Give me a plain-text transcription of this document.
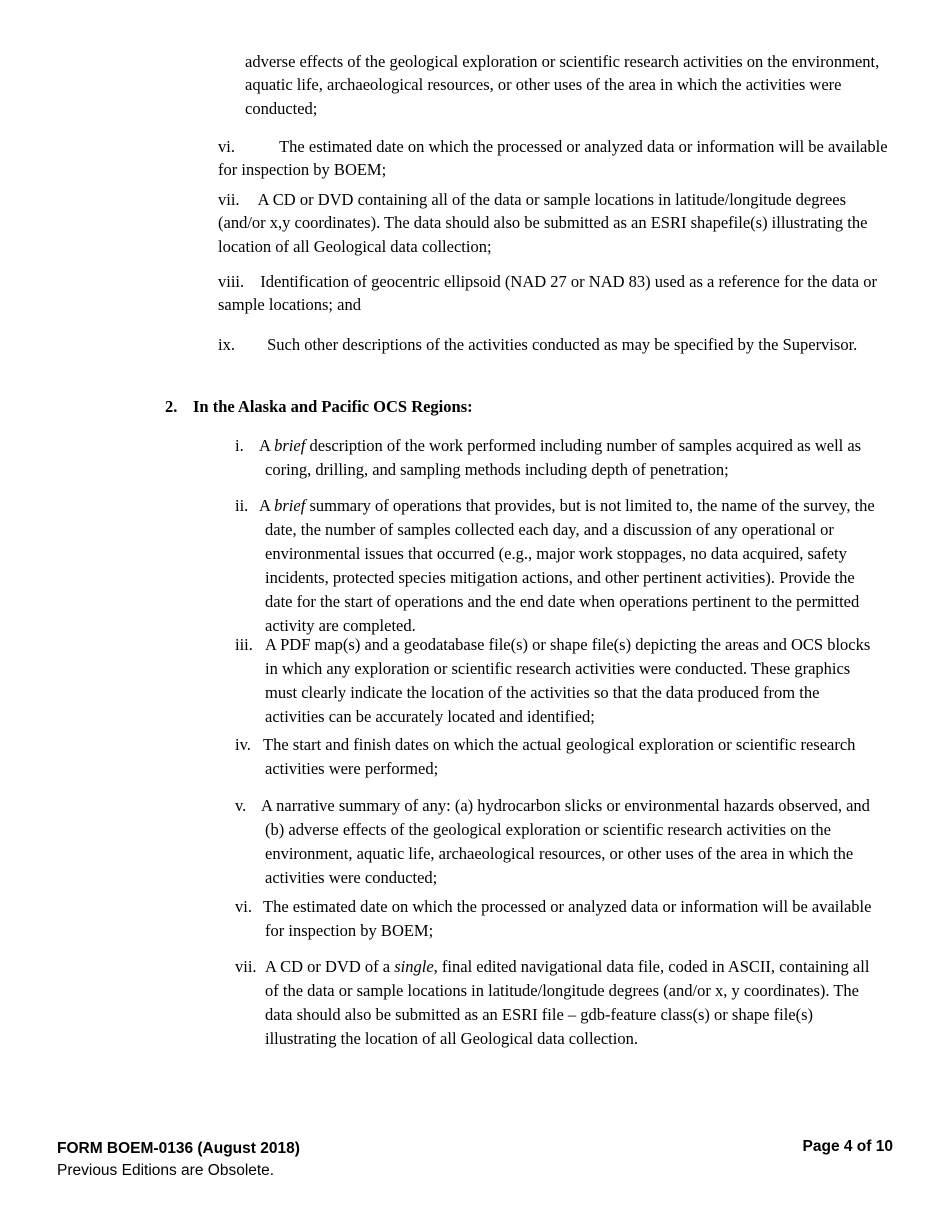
adverse effects of the geological exploration or scientific research activities on the environment, aquatic life, archaeological resources, or other uses of the area in which the activities were conducted;
vi.	The estimated date on which the processed or analyzed data or information will be available for inspection by BOEM;
vii. A CD or DVD containing all of the data or sample locations in latitude/longitude degrees (and/or x,y coordinates). The data should also be submitted as an ESRI shapefile(s) illustrating the location of all Geological data collection;
viii. Identification of geocentric ellipsoid (NAD 27 or NAD 83) used as a reference for the data or sample locations; and
ix. Such other descriptions of the activities conducted as may be specified by the Supervisor.
2. In the Alaska and Pacific OCS Regions:
i. A brief description of the work performed including number of samples acquired as well as coring, drilling, and sampling methods including depth of penetration;
ii. A brief summary of operations that provides, but is not limited to, the name of the survey, the date, the number of samples collected each day, and a discussion of any operational or environmental issues that occurred (e.g., major work stoppages, no data acquired, safety incidents, protected species mitigation actions, and other pertinent activities). Provide the date for the start of operations and the end date when operations pertinent to the permitted activity are completed.
iii. A PDF map(s) and a geodatabase file(s) or shape file(s) depicting the areas and OCS blocks in which any exploration or scientific research activities were conducted. These graphics must clearly indicate the location of the activities so that the data produced from the activities can be accurately located and identified;
iv. The start and finish dates on which the actual geological exploration or scientific research activities were performed;
v. A narrative summary of any: (a) hydrocarbon slicks or environmental hazards observed, and (b) adverse effects of the geological exploration or scientific research activities on the environment, aquatic life, archaeological resources, or other uses of the area in which the activities were conducted;
vi. The estimated date on which the processed or analyzed data or information will be available for inspection by BOEM;
vii. A CD or DVD of a single, final edited navigational data file, coded in ASCII, containing all of the data or sample locations in latitude/longitude degrees (and/or x, y coordinates). The data should also be submitted as an ESRI file – gdb-feature class(s) or shape file(s) illustrating the location of all Geological data collection.
FORM BOEM-0136 (August 2018)
Previous Editions are Obsolete.
Page 4 of 10
